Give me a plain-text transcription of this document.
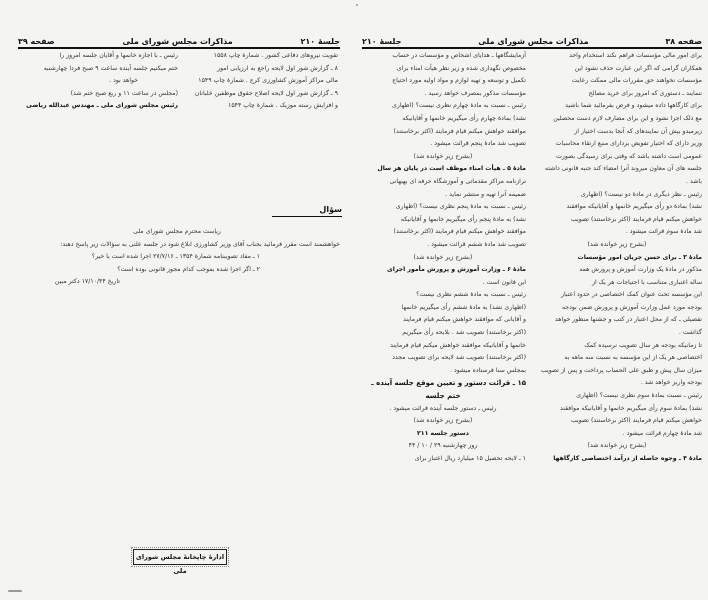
جلسهٔ ۲۱۰
مذاکرات مجلس شورای ملی
صفحه ۳۹

تقویت نیروهای دفاعی کشور . شمارهٔ چاپ ۱۵۵۸

۸ ـ گزارش شور اول لایحه راجع به ارزیابی امور

مالی مراکز آموزش کشاورزی کرج . شمارهٔ چاپ ۱۵۴۹

۹ ـ گزارش شور اول لایحه اصلاح حقوق موظفین خلبانان

و افزایش رسته موزیک . شمارهٔ چاپ ۱۵۴۴

رئیس ـ با اجازه خانمها و آقایان جلسه امروز را

ختم میکنیم جلسه آینده ساعت ۹ صبح فردا چهارشنبه

خواهد بود .

(مجلس در ساعت ۱۱ و ربع صبح ختم شد)

رئیس مجلس شورای ملی ـ مهندس عبدالله ریاضی

سؤال

ریاست محترم مجلس شورای ملی

خواهشمند است مقرر فرمائید بجناب آقای وزیر کشاورزی ابلاغ شود در جلسه علنی به سؤالات زیر پاسخ دهند:

۱ ـ مفاد تصویبنامه شمارهٔ ۱۳۵۴ ـ ۲۷/۷/۱۶ اجرا شده است یا خیر؟

۲ ـ اگر اجرا شده بموجب کدام مجوز قانونی بوده است؟

تاریخ ۱۷/۱۰/۴۴ دکتر مبین

ادارهٔ چاپخانهٔ مجلس شورای ملی
صفحه ۳۸
مذاکرات مجلس شورای ملی
جلسهٔ ۲۱۰

برای امور مالی مؤسسات فراهم نکند استخدام واحد

همکاران گرامی که اگر این عبارت حذف نشود این

مؤسسات نخواهند حق مقررات مالی ممکت رعایت

ننمایند ـ دستوری که امروز برای خرید مصالح

برای کارگاهها داده میشود و فرض بفرمائید شما باشید

مع ذلک اجرا نشود و این برای مصارف لازم دست محصلین

زیرمیدو بیش آن نمایندهای که آنجا بدست اختیار از

وزیر دارای که اختیار تفویض بردارای منبع ارتقاء محاسبات

عمومی است داشته باشد که وقتی برای رسیدگی بصورت

جلسه های آن معاون میروند آنرا امضاء کند جنبه قانونی داشته

باشد .

رئیس ـ نظر دیگری در مادهٔ دو نیست؟ (اظهاری

نشد) بمادهٔ دو رأی میگیریم خانمها و آقایانیکه موافقند

خواهش میکنم قیام فرمایند (اکثر برخاستند) تصویب

شد مادهٔ سوم قرائت میشود .

(بشرح زیر خوانده شد)

مادهٔ ۳ ـ برای حسن جریان امور مؤسسات

مذکور در مادهٔ یک وزارت آموزش و پرورش همه

ساله اعتباری متناسب با احتیاجات هر یک از

این مؤسسه تحت عنوان کمک اختصاصی در حدود اعتبار

بودجه مورد عمل وزارت آموزش و پرورش ضمن بودجه

تفصیلی ـ که از محل اعتبار در کتب و جشنها منظور خواهد

گذاشت .

تا زمانیکه بودجه هر سال تصویب نرسیده کمک

اختصاصی هر یک از این مؤسسه به نسبت سه ماهه به

میزان سال پیش و طبق علی الحساب پرداخت و پس از تصویب

بودجه واریز خواهد شد .

رئیس ـ نسبت بمادهٔ سوم نظری نیست؟ (اظهاری

نشد) بمادهٔ سوم رأی میگیریم خانمها و آقایانیکه موافقند

خواهش میکنم قیام فرمایند (اکثر برخاستند) تصویب

شد مادهٔ چهارم قرائت میشود .

(بشرح زیر خوانده شد)

مادهٔ ۴ ـ وجوه حاصله از درآمد اختصاصی کارگاهها

آزمایشگاهها ـ هدایای اشخاص و مؤسسات در حساب

مخصوص نگهداری شده و زیر نظر هیأت امناء برای

تکمیل و توسعه و تهیه لوازم و مواد اولیه مورد احتیاج

مؤسسات مذکور بمصرف خواهد رسید .

رئیس ـ نسبت به مادهٔ چهارم نظری نیست؟ (اظهاری

نشد) بمادهٔ چهارم رأی میگیریم خانمها و آقایانیکه

موافقند خواهش میکنم قیام فرمایند (اکثر برخاستند)

تصویب شد مادهٔ پنجم قرائت میشود .

(بشرح زیر خوانده شد)

مادهٔ ۵ ـ هیأت امناء موظف است در پایان هر سال

ترازنامه مراکز مقدماتی و آموزشگاه حرفه ای بهبهانی

ضمیمه آنرا تهیه و منتشر نماید .

رئیس ـ نسبت به مادهٔ پنجم نظری نیست؟ (اظهاری

نشد) به مادهٔ پنجم رأی میگیریم خانمها و آقایانیکه

موافقند خواهش میکنم قیام فرمایند (اکثر برخاستند)

تصویب شد مادهٔ ششم قرائت میشود .

(بشرح زیر خوانده شد)

مادهٔ ۶ ـ وزارت آموزش و پرورش مأمور اجرای

این قانون است .

رئیس ـ نسبت به مادهٔ ششم نظری نیست؟

(اظهاری نشد) به مادهٔ ششم رأی میگیریم خانمها

و آقایانی که موافقند خواهش میکنم قیام فرمایند

(اکثر برخاستند) تصویب شد . بلایحه رأی میگیریم

خانمها و آقایانیکه موافقند خواهش میکنم قیام فرمایند

(اکثر برخاستند) تصویب شد لایحه برای تصویب مجدد

بمجلس سنا فرستاده میشود .

۱۵ ـ قرائت دستور و تعیین موقع جلسه آینده ـ

ختم جلسه

رئیس ـ دستور جلسه آینده قرائت میشود .

(بشرح زیر خوانده شد)

دستور جلسه ۲۱۱

روز چهارشنبه ۲۹ / ۱۰ / ۴۴

۱ ـ لایحه تحصیل ۱۵ میلیارد ریال اعتبار برای
